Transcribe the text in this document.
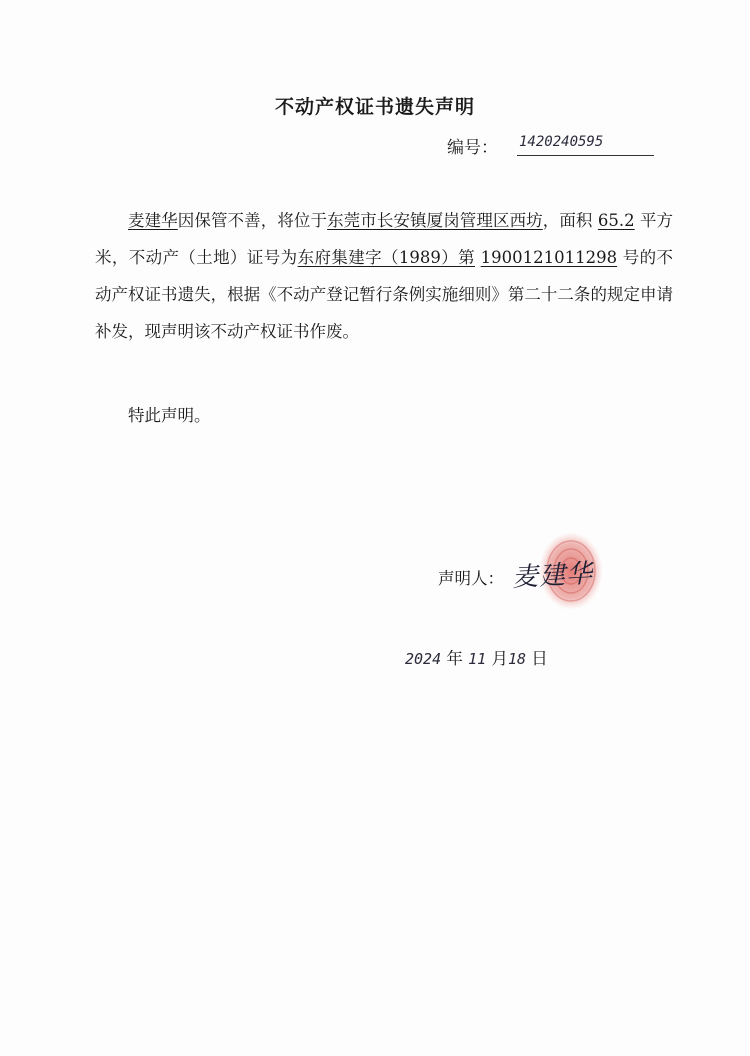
不动产权证书遗失声明
编号： 1420240595

麦建华因保管不善，将位于东莞市长安镇厦岗管理区西坊，面积 65.2 平方米，不动产（土地）证号为东府集建字（1989）第 1900121011298 号的不动产权证书遗失，根据《不动产登记暂行条例实施细则》第二十二条的规定申请补发，现声明该不动产权证书作废。

特此声明。
声明人： 麦建华
2024 年 11 月18 日
